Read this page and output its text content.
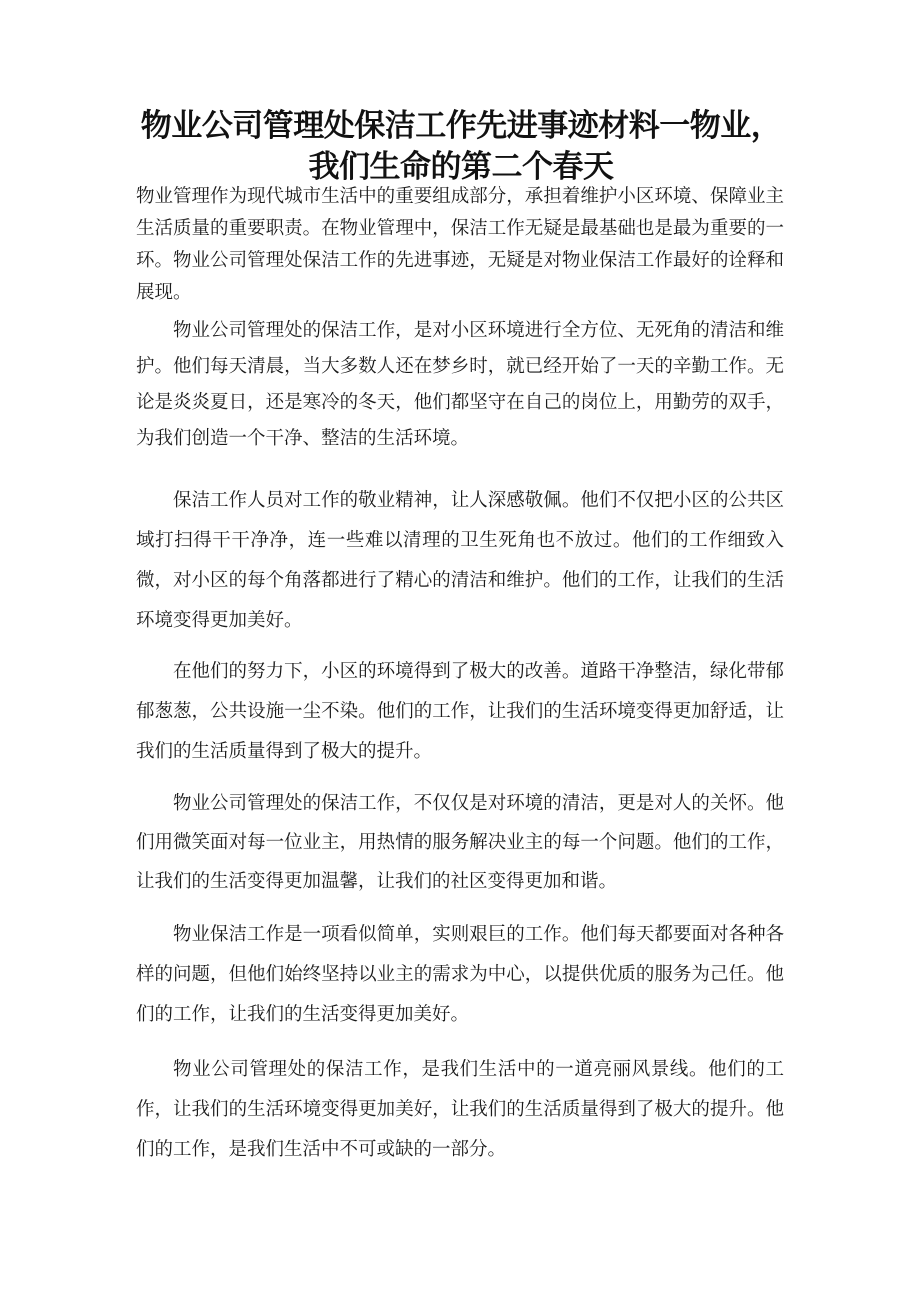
物业公司管理处保洁工作先进事迹材料一物业，我们生命的第二个春天

物业管理作为现代城市生活中的重要组成部分，承担着维护小区环境、保障业主生活质量的重要职责。在物业管理中，保洁工作无疑是最基础也是最为重要的一环。物业公司管理处保洁工作的先进事迹，无疑是对物业保洁工作最好的诠释和展现。

物业公司管理处的保洁工作，是对小区环境进行全方位、无死角的清洁和维护。他们每天清晨，当大多数人还在梦乡时，就已经开始了一天的辛勤工作。无论是炎炎夏日，还是寒冷的冬天，他们都坚守在自己的岗位上，用勤劳的双手，为我们创造一个干净、整洁的生活环境。

保洁工作人员对工作的敬业精神，让人深感敬佩。他们不仅把小区的公共区域打扫得干干净净，连一些难以清理的卫生死角也不放过。他们的工作细致入微，对小区的每个角落都进行了精心的清洁和维护。他们的工作，让我们的生活环境变得更加美好。

在他们的努力下，小区的环境得到了极大的改善。道路干净整洁，绿化带郁郁葱葱，公共设施一尘不染。他们的工作，让我们的生活环境变得更加舒适，让我们的生活质量得到了极大的提升。

物业公司管理处的保洁工作，不仅仅是对环境的清洁，更是对人的关怀。他们用微笑面对每一位业主，用热情的服务解决业主的每一个问题。他们的工作，让我们的生活变得更加温馨，让我们的社区变得更加和谐。

物业保洁工作是一项看似简单，实则艰巨的工作。他们每天都要面对各种各样的问题，但他们始终坚持以业主的需求为中心，以提供优质的服务为己任。他们的工作，让我们的生活变得更加美好。

物业公司管理处的保洁工作，是我们生活中的一道亮丽风景线。他们的工作，让我们的生活环境变得更加美好，让我们的生活质量得到了极大的提升。他们的工作，是我们生活中不可或缺的一部分。
